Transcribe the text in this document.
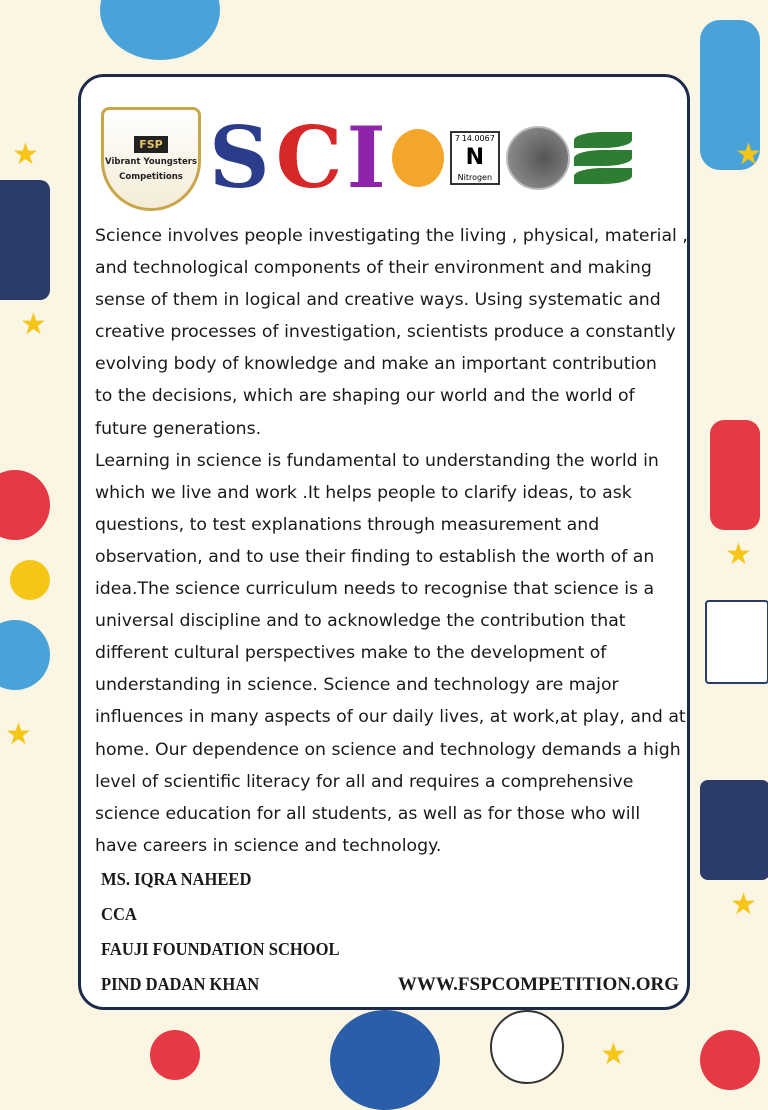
★
★
★
★
★
★
★
FSP
Vibrant Youngsters
Competitions S C I	7 14.0067
N
Nitrogen
Science involves people investigating the living , physical, material ,
and technological components of their environment and making
sense of them in logical and creative ways. Using systematic and
creative processes of investigation, scientists produce a constantly
evolving body of knowledge and make an important contribution
to the decisions, which are shaping our world and the world of
future generations.
Learning in science is fundamental to understanding the world in
which we live and work .It helps people to clarify ideas, to ask
questions, to test explanations through measurement and
observation, and to use their finding to establish the worth of an
idea.The science curriculum needs to recognise that science is a
universal discipline and to acknowledge the contribution that
different cultural perspectives make to the development of
understanding in science. Science and technology are major
influences in many aspects of our daily lives, at work,at play, and at
home. Our dependence on science and technology demands a high
level of scientific literacy for all and requires a comprehensive
science education for all students, as well as for those who will
have careers in science and technology.
MS. IQRA NAHEED
CCA
FAUJI FOUNDATION SCHOOL
PIND DADAN KHAN	WWW.FSPCOMPETITION.ORG
